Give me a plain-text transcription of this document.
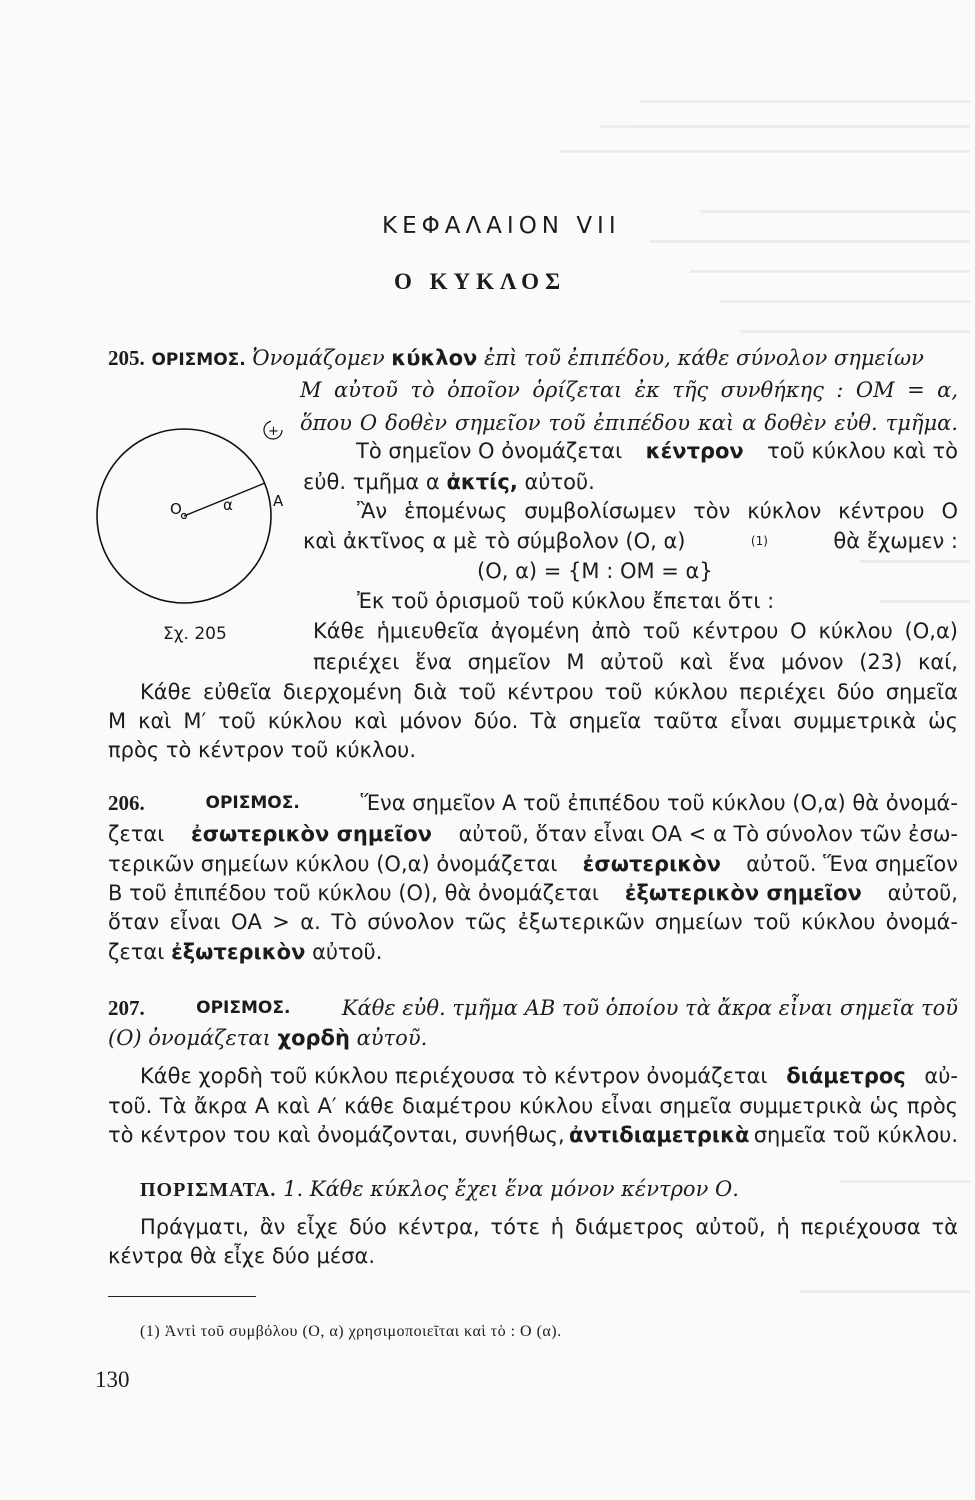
ΚΕΦΑΛΑΙΟΝ VII
Ο ΚΥΚΛΟΣ
+
O	α	A
Σχ. 205
205. ΟΡΙΣΜΟΣ. Ὀνομάζομεν κύκλον ἐπὶ τοῦ ἐπιπέδου, κάθε σύνολον σημείων
Μ αὐτοῦ τὸ ὁποῖον ὁρίζεται ἐκ τῆς συνθήκης : ΟΜ = α,
ὅπου Ο δοθὲν σημεῖον τοῦ ἐπιπέδου καὶ α δοθὲν εὐθ. τμῆμα.
Τὸ σημεῖον Ο ὀνομάζεται κέντρον τοῦ κύκλου καὶ τὸ
εὐθ. τμῆμα α ἀκτίς, αὐτοῦ.
Ἂν ἑπομένως συμβολίσωμεν τὸν κύκλον κέντρου Ο
καὶ ἀκτῖνος α μὲ τὸ σύμβολον (Ο, α)	(1)	θὰ ἔχωμεν :
(Ο, α) = {Μ : ΟΜ = α}
Ἐκ τοῦ ὁρισμοῦ τοῦ κύκλου ἔπεται ὅτι :
Κάθε ἡμιευθεῖα ἀγομένη ἀπὸ τοῦ κέντρου Ο κύκλου (Ο,α)
περιέχει ἕνα σημεῖον Μ αὐτοῦ καὶ ἕνα μόνον (23) καί,
Κάθε εὐθεῖα διερχομένη διὰ τοῦ κέντρου τοῦ κύκλου περιέχει δύο σημεῖα
Μ καὶ Μ′ τοῦ κύκλου καὶ μόνον δύο. Τὰ σημεῖα ταῦτα εἶναι συμμετρικὰ ὡς
πρὸς τὸ κέντρον τοῦ κύκλου.
206.	ΟΡΙΣΜΟΣ.	Ἕνα σημεῖον Α τοῦ ἐπιπέδου τοῦ κύκλου (Ο,α) θὰ ὀνομά-
ζεται ἐσωτερικὸν σημεῖον αὐτοῦ, ὅταν εἶναι ΟΑ < α Τὸ σύνολον τῶν ἐσω-
τερικῶν σημείων κύκλου (Ο,α) ὀνομάζεται ἐσωτερικὸν αὐτοῦ. Ἕνα σημεῖον
Β τοῦ ἐπιπέδου τοῦ κύκλου (Ο), θὰ ὀνομάζεται ἐξωτερικὸν σημεῖον αὐτοῦ,
ὅταν εἶναι ΟΑ > α. Τὸ σύνολον τῶς ἐξωτερικῶν σημείων τοῦ κύκλου ὀνομά-
ζεται ἐξωτερικὸν αὐτοῦ.
207.	ΟΡΙΣΜΟΣ. Κάθε εὐθ. τμῆμα ΑΒ τοῦ ὁποίου τὰ ἄκρα εἶναι σημεῖα τοῦ
(Ο) ὀνομάζεται χορδὴ αὐτοῦ.
Κάθε χορδὴ τοῦ κύκλου περιέχουσα τὸ κέντρον ὀνομάζεται διάμετρος αὐ-
τοῦ. Τὰ ἄκρα Α καὶ Α′ κάθε διαμέτρου κύκλου εἶναι σημεῖα συμμετρικὰ ὡς πρὸς
τὸ κέντρον του καὶ ὀνομάζονται, συνήθως, ἀντιδιαμετρικὰ σημεῖα τοῦ κύκλου.
ΠΟΡΙΣΜΑΤΑ. 1. Κάθε κύκλος ἔχει ἕνα μόνον κέντρον Ο.
Πράγματι, ἂν εἶχε δύο κέντρα, τότε ἡ διάμετρος αὐτοῦ, ἡ περιέχουσα τὰ
κέντρα θὰ εἶχε δύο μέσα.
(1) Ἀντὶ τοῦ συμβόλου (Ο, α) χρησιμοποιεῖται καὶ τὸ : Ο (α).
130
